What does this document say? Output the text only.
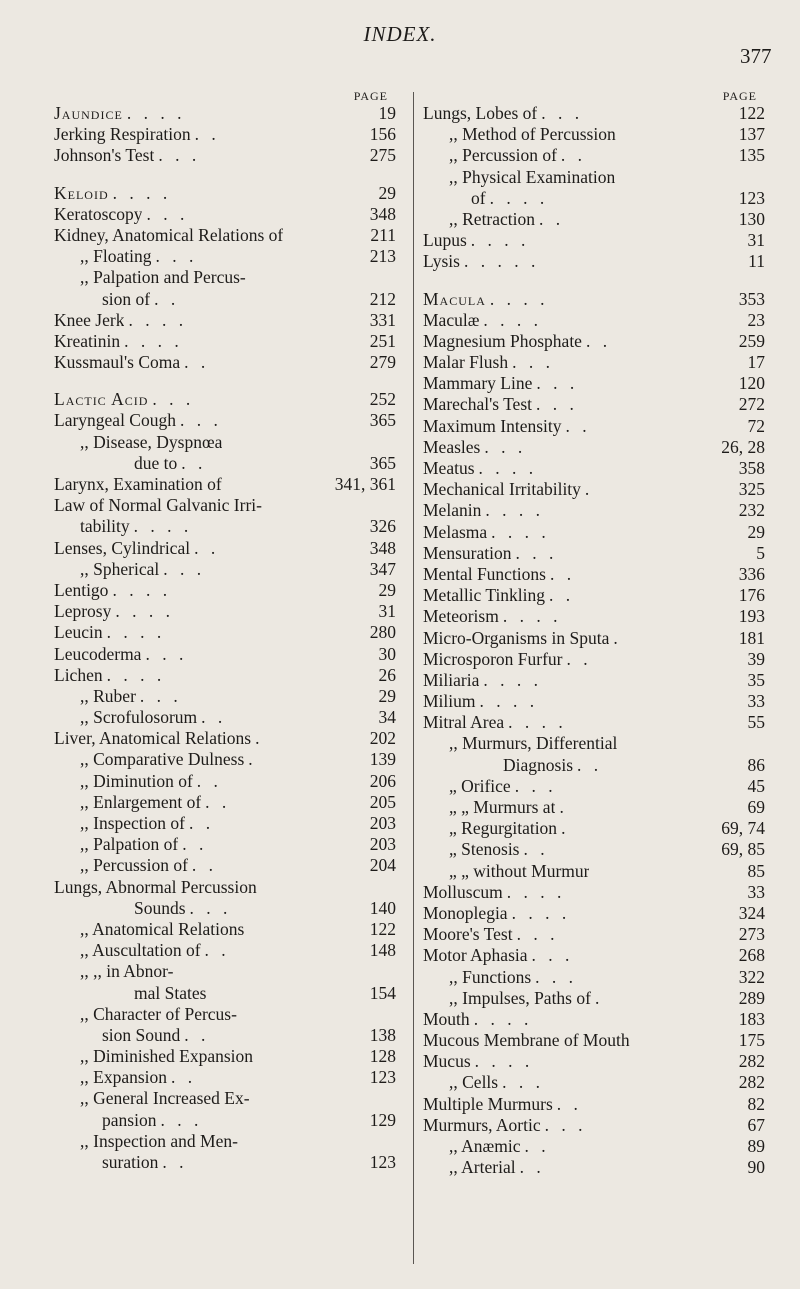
INDEX.
377
PAGE
Jaundice . . . .	19
Jerking Respiration . .	156
Johnson's Test . . .	275
Keloid . . . .	29
Keratoscopy . . .	348
Kidney, Anatomical Relations of	211
,, Floating . . .	213
,, Palpation and Percus-
sion of . .	212
Knee Jerk . . . .	331
Kreatinin . . . .	251
Kussmaul's Coma . .	279
Lactic Acid . . .	252
Laryngeal Cough . . .	365
,, Disease, Dyspnœa
due to . .	365
Larynx, Examination of	341, 361
Law of Normal Galvanic Irri-
tability . . . .	326
Lenses, Cylindrical . .	348
,, Spherical . . .	347
Lentigo . . . .	29
Leprosy . . . .	31
Leucin . . . .	280
Leucoderma . . .	30
Lichen . . . .	26
,, Ruber . . .	29
,, Scrofulosorum . .	34
Liver, Anatomical Relations .	202
,, Comparative Dulness .	139
,, Diminution of . .	206
,, Enlargement of . .	205
,, Inspection of . .	203
,, Palpation of . .	203
,, Percussion of . .	204
Lungs, Abnormal Percussion
Sounds . . .	140
,, Anatomical Relations	122
,, Auscultation of . .	148
,, ,, in Abnor-
mal States	154
,, Character of Percus-
sion Sound . .	138
,, Diminished Expansion	128
,, Expansion . .	123
,, General Increased Ex-
pansion . . .	129
,, Inspection and Men-
suration . .	123
PAGE
Lungs, Lobes of . . .	122
,, Method of Percussion	137
,, Percussion of . .	135
,, Physical Examination
of . . . .	123
,, Retraction . .	130
Lupus . . . .	31
Lysis . . . . .	11
Macula . . . .	353
Maculæ . . . .	23
Magnesium Phosphate . .	259
Malar Flush . . .	17
Mammary Line . . .	120
Marechal's Test . . .	272
Maximum Intensity . .	72
Measles . . .	26, 28
Meatus . . . .	358
Mechanical Irritability .	325
Melanin . . . .	232
Melasma . . . .	29
Mensuration . . .	5
Mental Functions . .	336
Metallic Tinkling . .	176
Meteorism . . . .	193
Micro-Organisms in Sputa .	181
Microsporon Furfur . .	39
Miliaria . . . .	35
Milium . . . .	33
Mitral Area . . . .	55
,, Murmurs, Differential
Diagnosis . .	86
„ Orifice . . .	45
„ „ Murmurs at .	69
„ Regurgitation .	69, 74
„ Stenosis . .	69, 85
„ „ without Murmur	85
Molluscum . . . .	33
Monoplegia . . . .	324
Moore's Test . . .	273
Motor Aphasia . . .	268
,, Functions . . .	322
,, Impulses, Paths of .	289
Mouth . . . .	183
Mucous Membrane of Mouth	175
Mucus . . . .	282
,, Cells . . .	282
Multiple Murmurs . .	82
Murmurs, Aortic . . .	67
,, Anæmic . .	89
,, Arterial . .	90
